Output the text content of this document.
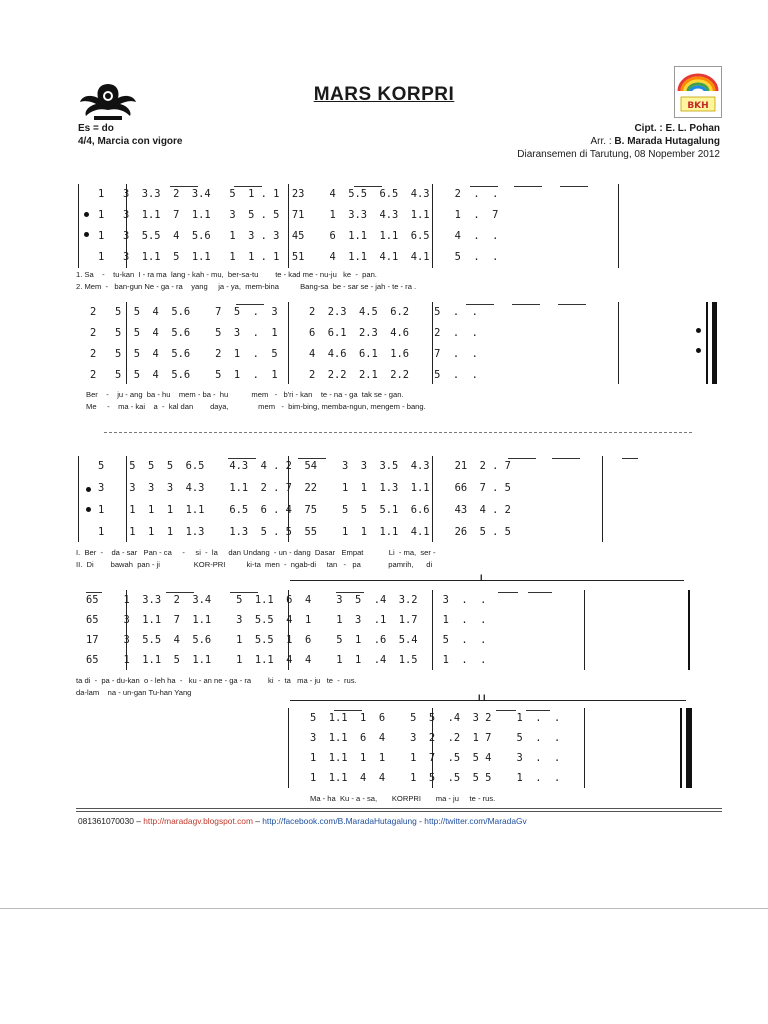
BKH
MARS KORPRI
Es = do
4/4, Marcia con vigore
Cipt. : E. L. Pohan
Arr. : B. Marada Hutagalung
Diaransemen di Tarutung, 08 Nopember 2012
1   3  3.3  2  3.4   5  1 . 1  23    4  5.5  6.5  4.3    2  .  .
1   3  1.1  7  1.1   3  5 . 5  71    1  3.3  4.3  1.1    1  .  7
1   3  5.5  4  5.6   1  3 . 3  45    6  1.1  1.1  6.5    4  .  .
1   3  1.1  5  1.1   1  1 . 1  51    4  1.1  4.1  4.1    5  .  .
1. Sa    -    tu-kan  I - ra ma  lang - kah - mu,  ber-sa-tu        te - kad me - nu-ju   ke  -  pan.
2. Mem  -   ban-gun Ne - ga - ra    yang     ja - ya,  mem-bina          Bang-sa  be - sar se - jah - te - ra .
2   5  5  4  5.6    7  5  .  3     2  2.3  4.5  6.2    5  .  .
2   5  5  4  5.6    5  3  .  1     6  6.1  2.3  4.6    2  .  .
2   5  5  4  5.6    2  1  .  5     4  4.6  6.1  1.6    7  .  .
2   5  5  4  5.6    5  1  .  1     2  2.2  2.1  2.2    5  .  .
Ber    -    ju - ang  ba - hu    mem - ba -  hu           mem   -   b'ri - kan    te - na - ga  tak se - gan.
Me     -    ma - kai    a  -  kal dan        daya,              mem   -  bim-bing, memba-ngun, mengem - bang.
5    5  5  5  6.5    4.3  4 . 2  54    3  3  3.5  4.3    21  2 . 7
3    3  3  3  4.3    1.1  2 . 7  22    1  1  1.3  1.1    66  7 . 5
1    1  1  1  1.1    6.5  6 . 4  75    5  5  5.1  6.6    43  4 . 2
1    1  1  1  1.3    1.3  5 . 5  55    1  1  1.1  4.1    26  5 . 5
I.  Ber  -    da - sar   Pan - ca     -     si  -  la     dan Undang  - un - dang  Dasar   Empat            Li  - ma,  ser -
II.  Di        bawah  pan - ji                KOR-PRI          ki-ta  men  -  ngab-di     tan   -   pa             pamrih,      di
I
65    1  3.3  2  3.4    5  1.1  6  4    3  5  .4  3.2    3  .  .
65    3  1.1  7  1.1    3  5.5  4  1    1  3  .1  1.7    1  .  .
17    3  5.5  4  5.6    1  5.5  1  6    5  1  .6  5.4    5  .  .
65    1  1.1  5  1.1    1  1.1  4  4    1  1  .4  1.5    1  .  .
ta di  -  pa - du-kan  o - leh ha  -   ku - an ne - ga - ra        ki  -  ta   ma - ju   te  -  rus.
da-lam    na - un-gan Tu-han Yang
I I
5  1.1  1  6    5  5  .4  3 2    1  .  .
3  1.1  6  4    3  2  .2  1 7    5  .  .
1  1.1  1  1    1  7  .5  5 4    3  .  .
1  1.1  4  4    1  5  .5  5 5    1  .  .
Ma - ha  Ku - a - sa,       KORPRI       ma - ju     te - rus.
081361070030 – http://maradagv.blogspot.com – http://facebook.com/B.MaradaHutagalung - http://twitter.com/MaradaGv
